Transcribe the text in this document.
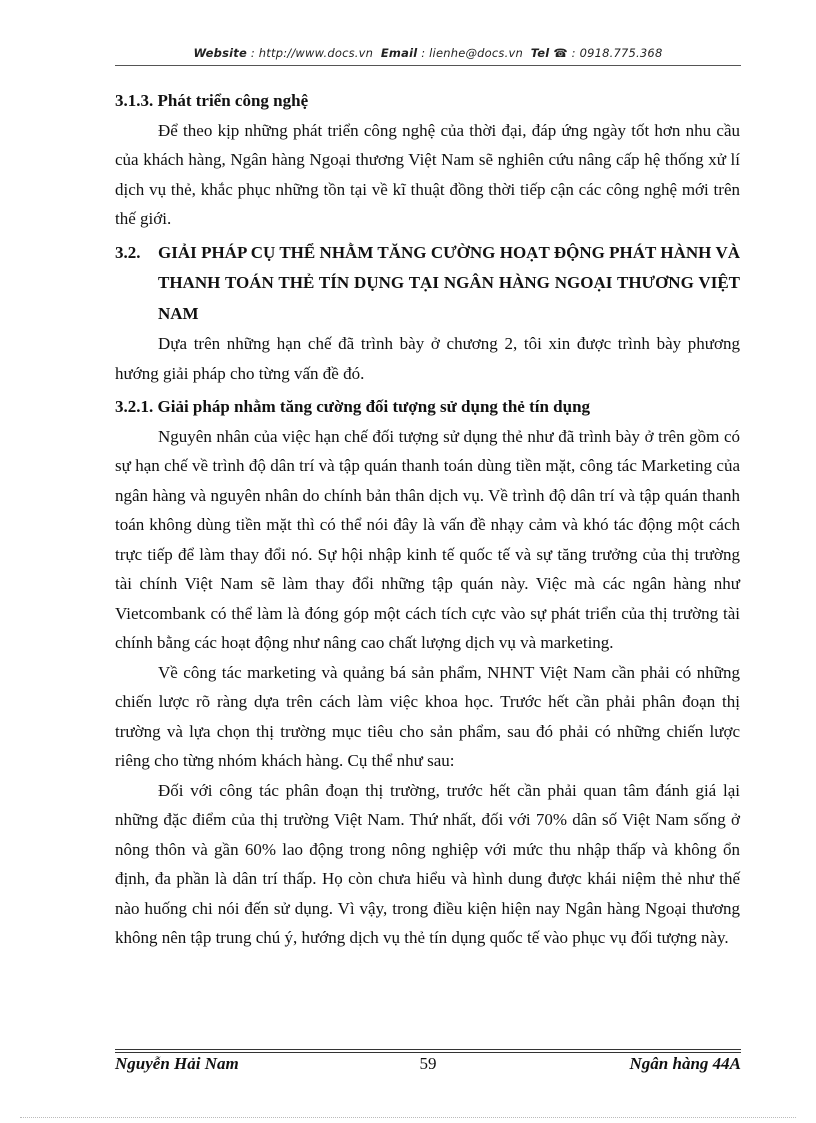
Website : http://www.docs.vn Email : lienhe@docs.vn Tel ☎ : 0918.775.368

3.1.3. Phát triển công nghệ

Để theo kịp những phát triển công nghệ của thời đại, đáp ứng ngày tốt hơn nhu cầu của khách hàng, Ngân hàng Ngoại thương Việt Nam sẽ nghiên cứu nâng cấp hệ thống xử lí dịch vụ thẻ, khắc phục những tồn tại về kĩ thuật đồng thời tiếp cận các công nghệ mới trên thế giới.

3.2.	GIẢI PHÁP CỤ THỂ NHẰM TĂNG CƯỜNG HOẠT ĐỘNG PHÁT HÀNH VÀ THANH TOÁN THẺ TÍN DỤNG TẠI NGÂN HÀNG NGOẠI THƯƠNG VIỆT NAM

Dựa trên những hạn chế đã trình bày ở chương 2, tôi xin được trình bày phương hướng giải pháp cho từng vấn đề đó.

3.2.1. Giải pháp nhằm tăng cường đối tượng sử dụng thẻ tín dụng

Nguyên nhân của việc hạn chế đối tượng sử dụng thẻ như đã trình bày ở trên gồm có sự hạn chế về trình độ dân trí và tập quán thanh toán dùng tiền mặt, công tác Marketing của ngân hàng và nguyên nhân do chính bản thân dịch vụ. Về trình độ dân trí và tập quán thanh toán không dùng tiền mặt thì có thể nói đây là vấn đề nhạy cảm và khó tác động một cách trực tiếp để làm thay đổi nó. Sự hội nhập kinh tế quốc tế và sự tăng trưởng của thị trường tài chính Việt Nam sẽ làm thay đổi những tập quán này. Việc mà các ngân hàng như Vietcombank có thể làm là đóng góp một cách tích cực vào sự phát triển của thị trường tài chính bằng các hoạt động như nâng cao chất lượng dịch vụ và marketing.

Về công tác marketing và quảng bá sản phẩm, NHNT Việt Nam cần phải có những chiến lược rõ ràng dựa trên cách làm việc khoa học. Trước hết cần phải phân đoạn thị trường và lựa chọn thị trường mục tiêu cho sản phẩm, sau đó phải có những chiến lược riêng cho từng nhóm khách hàng. Cụ thể như sau:

Đối với công tác phân đoạn thị trường, trước hết cần phải quan tâm đánh giá lại những đặc điểm của thị trường Việt Nam. Thứ nhất, đối với 70% dân số Việt Nam sống ở nông thôn và gần 60% lao động trong nông nghiệp với mức thu nhập thấp và không ổn định, đa phần là dân trí thấp. Họ còn chưa hiểu và hình dung được khái niệm thẻ như thế nào huống chi nói đến sử dụng. Vì vậy, trong điều kiện hiện nay Ngân hàng Ngoại thương không nên tập trung chú ý, hướng dịch vụ thẻ tín dụng quốc tế vào phục vụ đối tượng này.

Nguyễn Hải Nam	59	Ngân hàng 44A
